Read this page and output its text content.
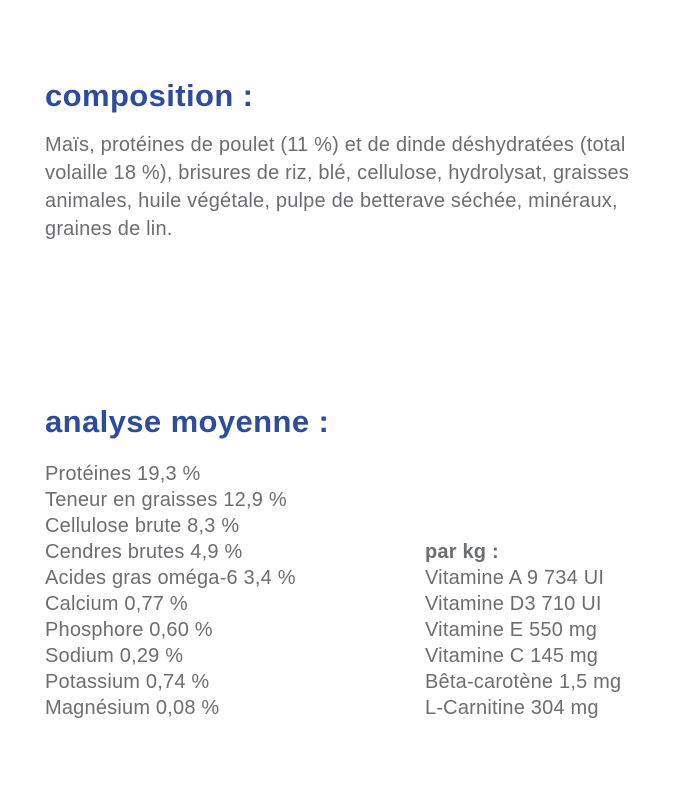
composition :

Maïs, protéines de poulet (11 %) et de dinde déshydratées (total volaille 18 %), brisures de riz, blé, cellulose, hydrolysat, graisses animales, huile végétale, pulpe de betterave séchée, minéraux, graines de lin.

analyse moyenne :
Protéines 19,3 %
Teneur en graisses 12,9 %
Cellulose brute 8,3 %
Cendres brutes 4,9 %
Acides gras oméga-6 3,4 %
Calcium 0,77 %
Phosphore 0,60 %
Sodium 0,29 %
Potassium 0,74 %
Magnésium 0,08 %
par kg :
Vitamine A 9 734 UI
Vitamine D3 710 UI
Vitamine E 550 mg
Vitamine C 145 mg
Bêta-carotène 1,5 mg
L-Carnitine 304 mg
